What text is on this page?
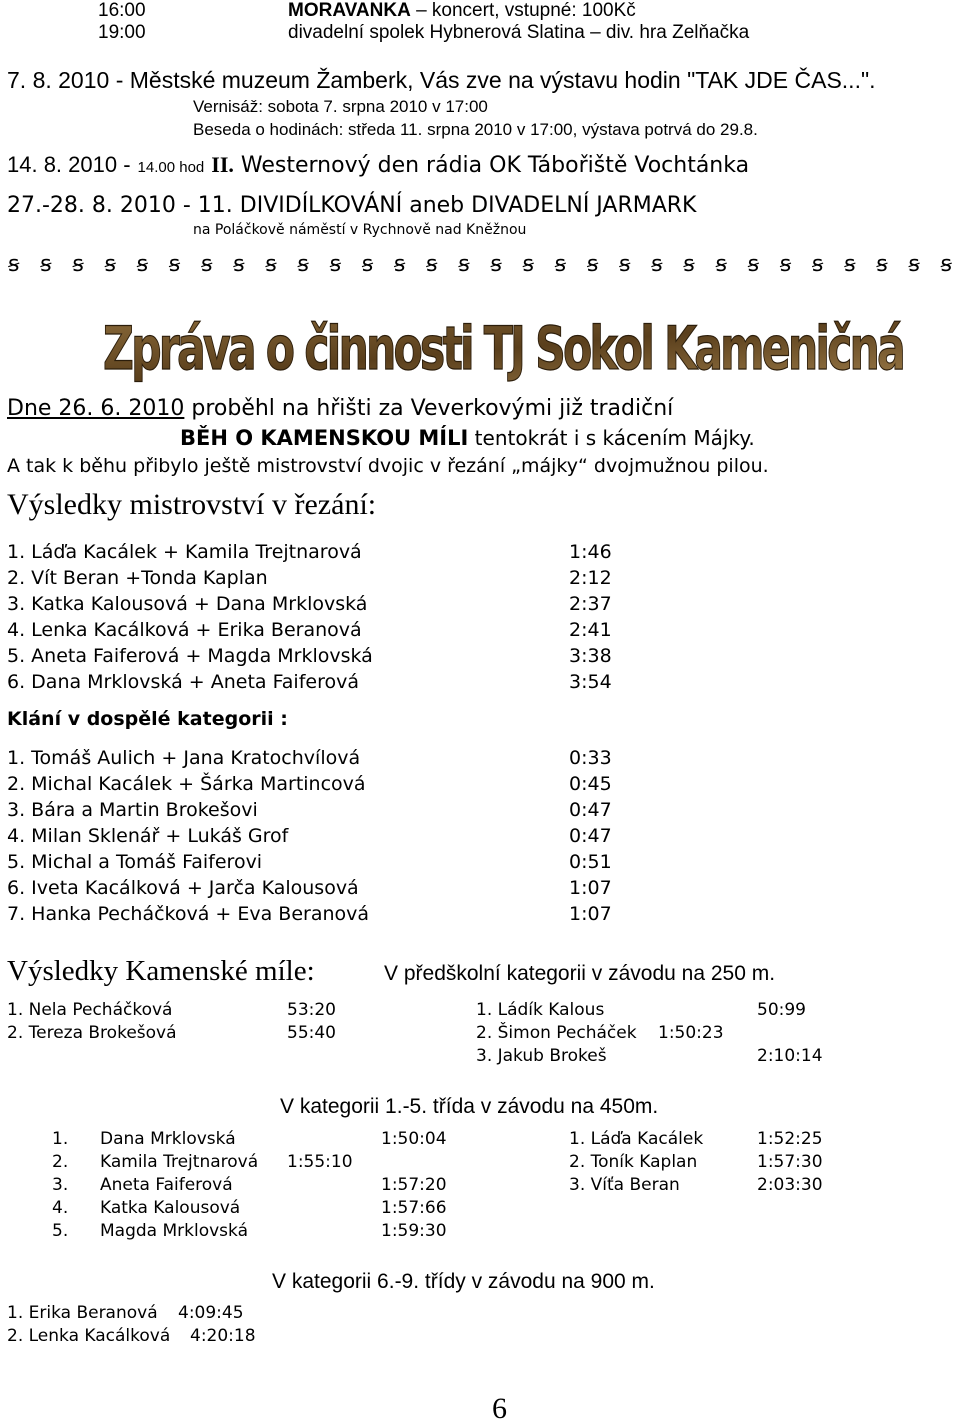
16:00	MORAVANKA – koncert, vstupné: 100Kč
19:00	divadelní spolek Hybnerová Slatina – div. hra Zelňačka
7. 8. 2010 - Městské muzeum Žamberk, Vás zve na výstavu hodin "TAK JDE ČAS...".
Vernisáž: sobota 7. srpna 2010 v 17:00
Beseda o hodinách: středa 11. srpna 2010 v 17:00, výstava potrvá do 29.8.
14. 8. 2010 - 14.00 hod II. Westernový den rádia OK Tábořiště Vochtánka
27.-28. 8. 2010 - 11. DIVIDÍLKOVÁNÍ aneb DIVADELNÍ JARMARK
na Poláčkově náměstí v Rychnově nad Kněžnou
ꞩ ꞩ ꞩ ꞩ ꞩ ꞩ ꞩ ꞩ ꞩ ꞩ ꞩ ꞩ ꞩ ꞩ ꞩ ꞩ ꞩ ꞩ ꞩ ꞩ ꞩ ꞩ ꞩ ꞩ ꞩ ꞩ ꞩ ꞩ ꞩ ꞩ
Zpráva o činnosti TJ Sokol Kameničná
Dne 26. 6. 2010 proběhl na hřišti za Veverkovými již tradiční
BĚH O KAMENSKOU MÍLI tentokrát i s kácením Májky.
A tak k běhu přibylo ještě mistrovství dvojic v řezání „májky“ dvojmužnou pilou.
Výsledky mistrovství v řezání:
1. Láďa Kacálek + Kamila Trejtnarová	1:46
2. Vít Beran +Tonda Kaplan	2:12
3. Katka Kalousová + Dana Mrklovská	2:37
4. Lenka Kacálková + Erika Beranová	2:41
5. Aneta Faiferová + Magda Mrklovská	3:38
6. Dana Mrklovská + Aneta Faiferová	3:54
Klání v dospělé kategorii :
1. Tomáš Aulich + Jana Kratochvílová	0:33
2. Michal Kacálek + Šárka Martincová	0:45
3. Bára a Martin Brokešovi	0:47
4. Milan Sklenář + Lukáš Grof	0:47
5. Michal a Tomáš Faiferovi	0:51
6. Iveta Kacálková + Jarča Kalousová	1:07
7. Hanka Pecháčková + Eva Beranová	1:07
Výsledky Kamenské míle:	V předškolní kategorii v závodu na 250 m.
1. Nela Pecháčková	53:20
2. Tereza Brokešová	55:40
1. Ládík Kalous	50:99
2. Šimon Pecháček 1:50:23
3. Jakub Brokeš	2:10:14
V kategorii 1.-5. třída v závodu na 450m.
1. Dana Mrklovská	1:50:04
2. Kamila Trejtnarová 1:55:10
3. Aneta Faiferová	1:57:20
4. Katka Kalousová	1:57:66
5. Magda Mrklovská	1:59:30
1. Láďa Kacálek	1:52:25
2. Toník Kaplan	1:57:30
3. Víťa Beran	2:03:30
V kategorii 6.-9. třídy v závodu na 900 m.
1. Erika Beranová 4:09:45
2. Lenka Kacálková 4:20:18
6
